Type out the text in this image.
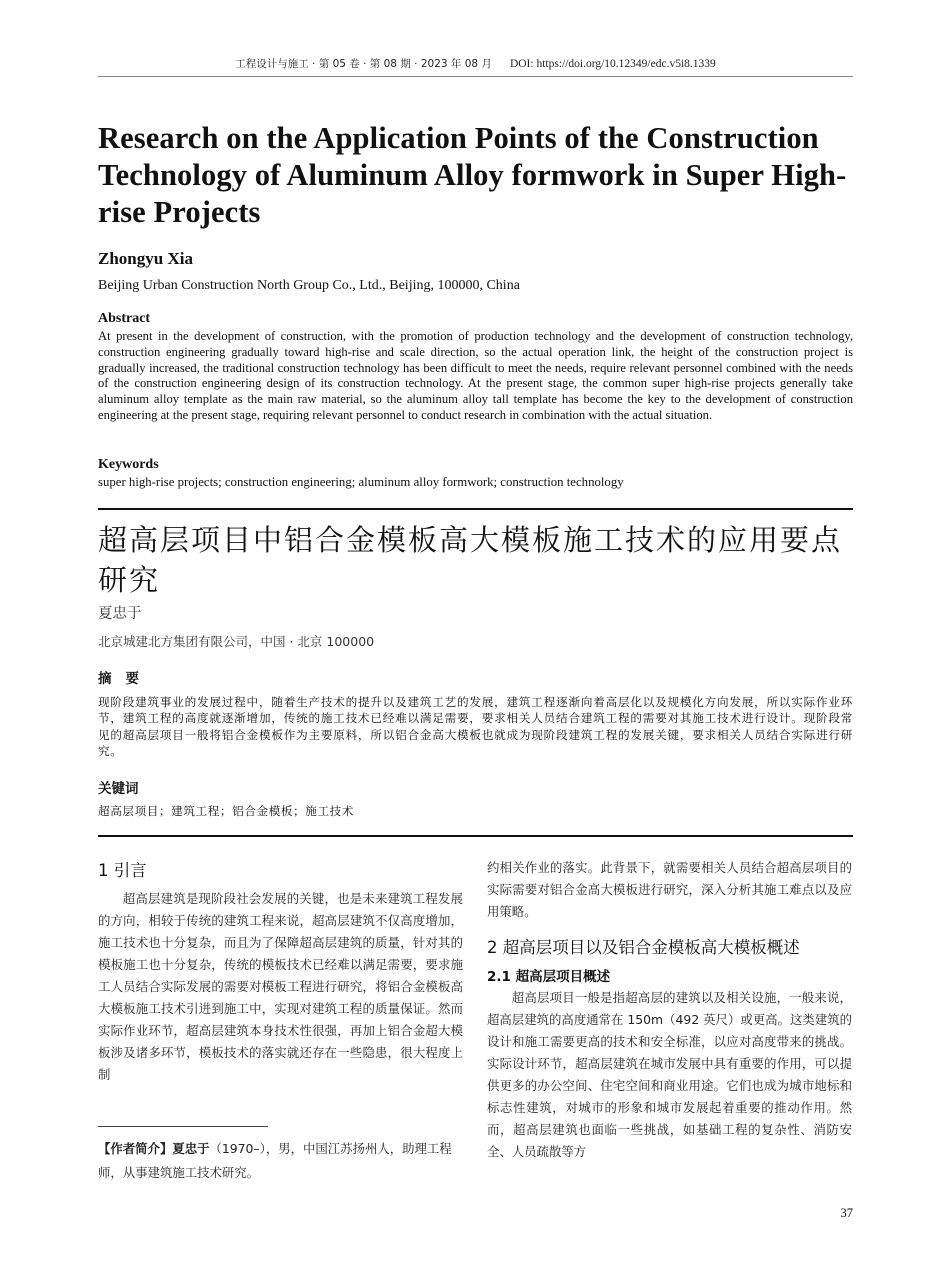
工程设计与施工 · 第 05 卷 · 第 08 期 · 2023 年 08 月 DOI: https://doi.org/10.12349/edc.v5i8.1339
Research on the Application Points of the Construction Technology of Aluminum Alloy formwork in Super High-rise Projects

Zhongyu Xia

Beijing Urban Construction North Group Co., Ltd., Beijing, 100000, China

Abstract

At present in the development of construction, with the promotion of production technology and the development of construction technology, construction engineering gradually toward high-rise and scale direction, so the actual operation link, the height of the construction project is gradually increased, the traditional construction technology has been difficult to meet the needs, require relevant personnel combined with the needs of the construction engineering design of its construction technology. At the present stage, the common super high-rise projects generally take aluminum alloy template as the main raw material, so the aluminum alloy tall template has become the key to the development of construction engineering at the present stage, requiring relevant personnel to conduct research in combination with the actual situation.

Keywords

super high-rise projects; construction engineering; aluminum alloy formwork; construction technology

超高层项目中铝合金模板高大模板施工技术的应用要点研究

夏忠于

北京城建北方集团有限公司，中国 · 北京 100000

摘要

现阶段建筑事业的发展过程中，随着生产技术的提升以及建筑工艺的发展，建筑工程逐渐向着高层化以及规模化方向发展，所以实际作业环节，建筑工程的高度就逐渐增加，传统的施工技术已经难以满足需要，要求相关人员结合建筑工程的需要对其施工技术进行设计。现阶段常见的超高层项目一般将铝合金模板作为主要原料，所以铝合金高大模板也就成为现阶段建筑工程的发展关键，要求相关人员结合实际进行研究。

关键词

超高层项目；建筑工程；铝合金模板；施工技术

1 引言

超高层建筑是现阶段社会发展的关键，也是未来建筑工程发展的方向，相较于传统的建筑工程来说，超高层建筑不仅高度增加，施工技术也十分复杂，而且为了保障超高层建筑的质量，针对其的模板施工也十分复杂，传统的模板技术已经难以满足需要，要求施工人员结合实际发展的需要对模板工程进行研究，将铝合金模板高大模板施工技术引进到施工中，实现对建筑工程的质量保证。然而实际作业环节，超高层建筑本身技术性很强，再加上铝合金超大模板涉及诸多环节，模板技术的落实就还存在一些隐患，很大程度上制

约相关作业的落实。此背景下，就需要相关人员结合超高层项目的实际需要对铝合金高大模板进行研究，深入分析其施工难点以及应用策略。

2 超高层项目以及铝合金模板高大模板概述
2.1 超高层项目概述

超高层项目一般是指超高层的建筑以及相关设施，一般来说，超高层建筑的高度通常在 150m（492 英尺）或更高。这类建筑的设计和施工需要更高的技术和安全标准，以应对高度带来的挑战。实际设计环节，超高层建筑在城市发展中具有重要的作用，可以提供更多的办公空间、住宅空间和商业用途。它们也成为城市地标和标志性建筑，对城市的形象和城市发展起着重要的推动作用。然而，超高层建筑也面临一些挑战，如基础工程的复杂性、消防安全、人员疏散等方

【作者简介】夏忠于（1970–），男，中国江苏扬州人，助理工程师，从事建筑施工技术研究。

37
